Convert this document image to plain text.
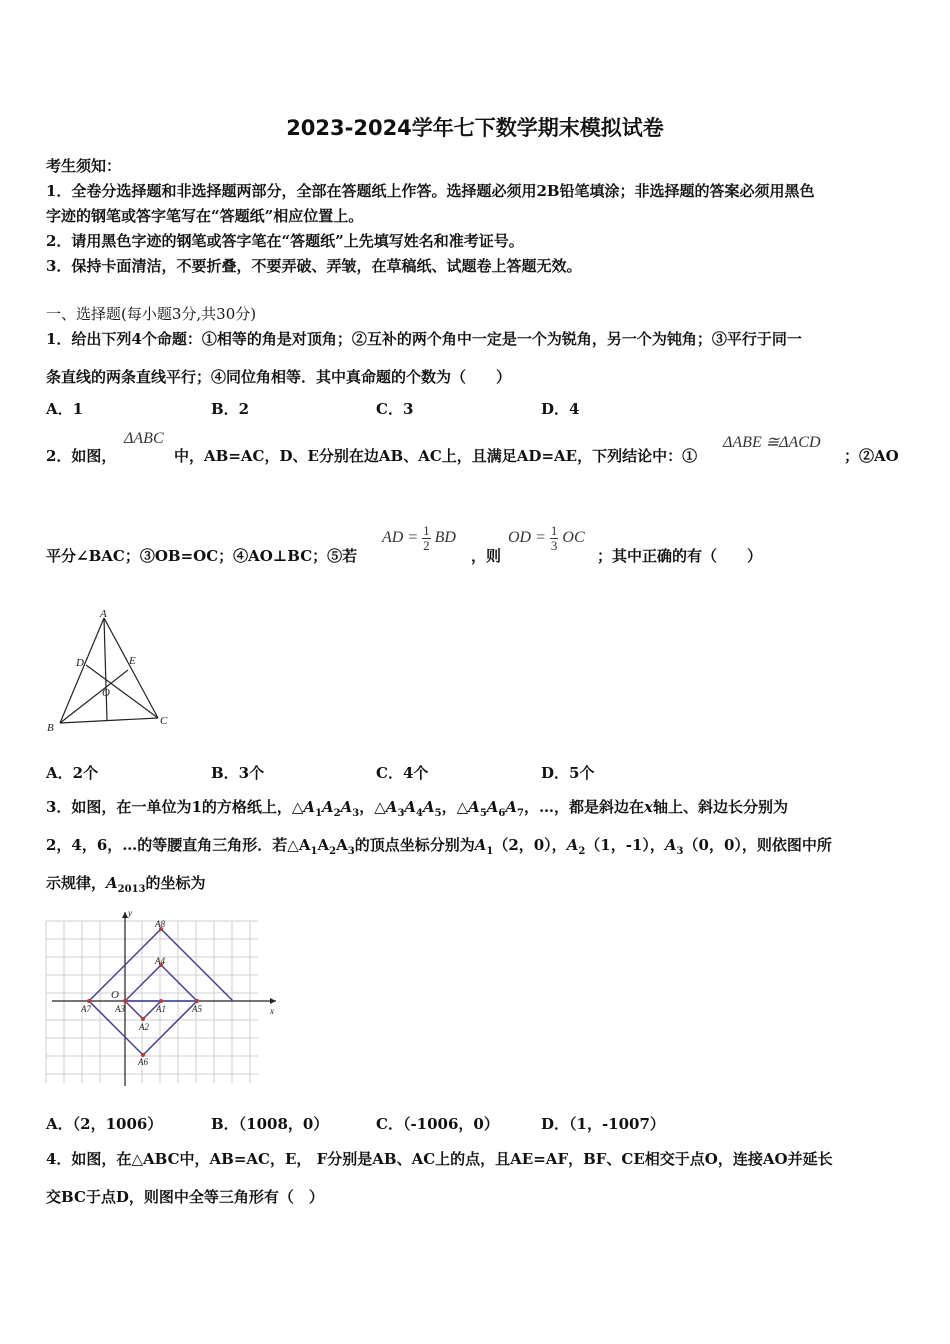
2023-2024学年七下数学期末模拟试卷
考生须知：
1．全卷分选择题和非选择题两部分，全部在答题纸上作答。选择题必须用2B铅笔填涂；非选择题的答案必须用黑色
字迹的钢笔或答字笔写在“答题纸”相应位置上。
2．请用黑色字迹的钢笔或答字笔在“答题纸”上先填写姓名和准考证号。
3．保持卡面清洁，不要折叠，不要弄破、弄皱，在草稿纸、试题卷上答题无效。
一、选择题(每小题3分,共30分)
1．给出下列4个命题：①相等的角是对顶角；②互补的两个角中一定是一个为锐角，另一个为钝角；③平行于同一
条直线的两条直线平行；④同位角相等．其中真命题的个数为（　　）
A．1	B．2	C．3	D．4
2．如图，
ΔABC
中，AB=AC，D、E分别在边AB、AC上，且满足AD=AE，下列结论中：①
ΔABE ≅ΔACD
；②AO
平分∠BAC；③OB=OC；④AO⊥BC；⑤若
AD = $\frac{1}{2}$ BD
，则
OD = $\frac{1}{3}$ OC
；其中正确的有（　　）
A
D	E
O
B
C
A．2个	B．3个	C．4个	D．5个
3．如图，在一单位为1的方格纸上，$\triangle A_1A_2A_3$，$\triangle A_3A_4A_5$，$\triangle A_5A_6A_7$，…，都是斜边在x轴上、斜边长分别为
2，4，6，…的等腰直角三角形．若$\triangle A_1A_2A_3$的顶点坐标分别为$A_1(2$，0），$A_2(1$，-1），$A_3(0$，0），则依图中所
示规律，$A_{2013}$的坐标为
y
x
O
A1
A2
A3
A4
A5
A6
A7
A8
A．（2，1006）	B．（1008，0）	C．（-1006，0）	D．（1，-1007）
4．如图，在△ABC中，AB=AC，E， F分别是AB、AC上的点，且AE=AF，BF、CE相交于点O，连接AO并延长
交BC于点D，则图中全等三角形有（　）
